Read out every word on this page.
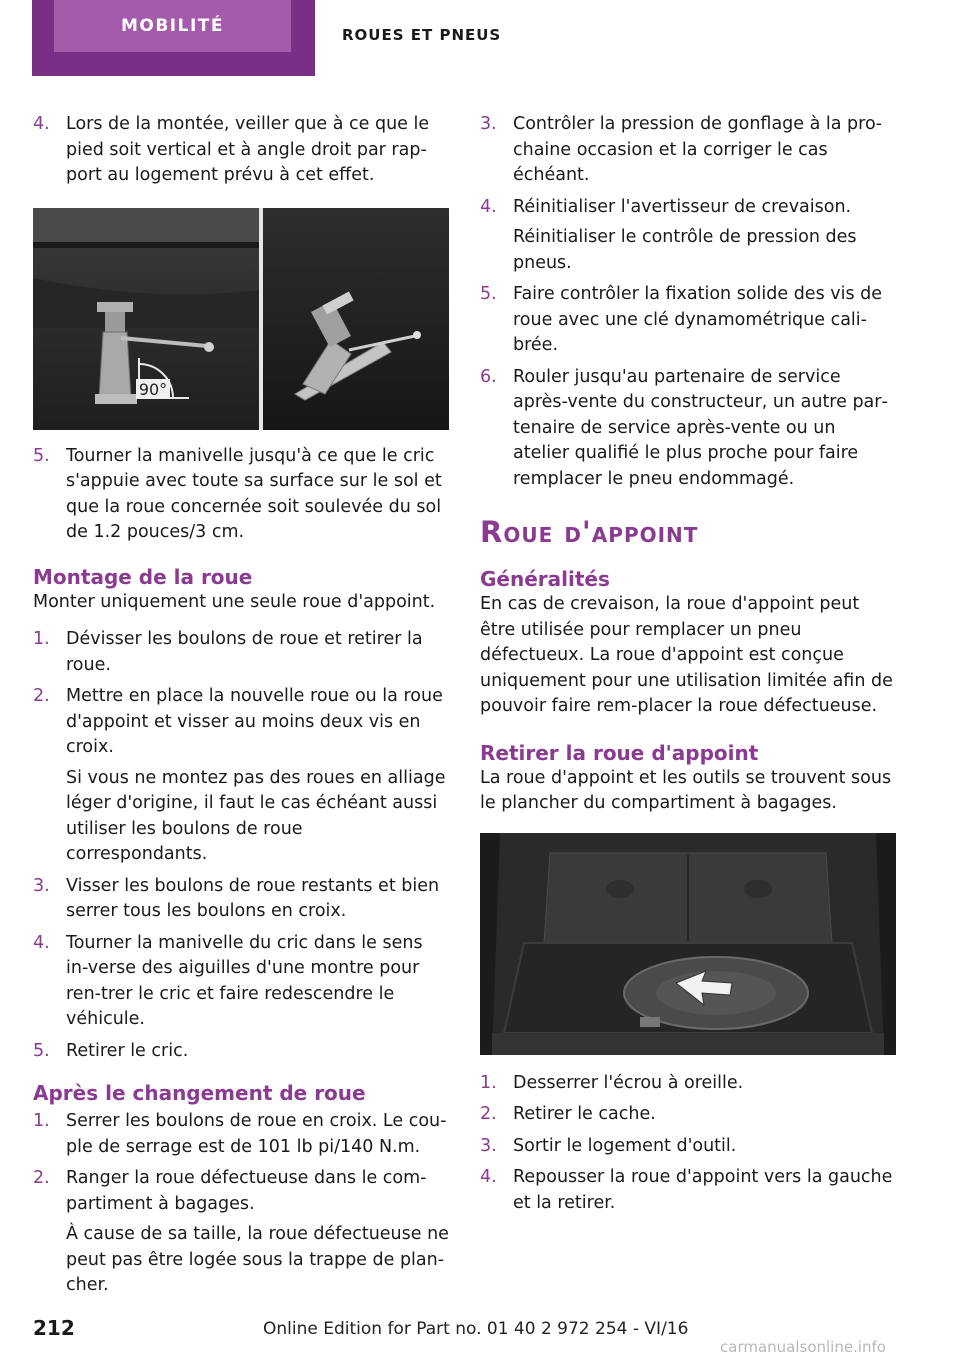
MOBILITÉ	ROUES ET PNEUS
4. Lors de la montée, veiller que à ce que le pied soit vertical et à angle droit par rap‐port au logement prévu à cet effet.
90°
5. Tourner la manivelle jusqu'à ce que le cric s'appuie avec toute sa surface sur le sol et que la roue concernée soit soulevée du sol de 1.2 pouces/3 cm.
Montage de la roue
Monter uniquement une seule roue d'appoint.
1. Dévisser les boulons de roue et retirer la roue.
2. Mettre en place la nouvelle roue ou la roue d'appoint et visser au moins deux vis en croix.
Si vous ne montez pas des roues en alliage léger d'origine, il faut le cas échéant aussi utiliser les boulons de roue correspondants.
3. Visser les boulons de roue restants et bien serrer tous les boulons en croix.
4. Tourner la manivelle du cric dans le sens in‐verse des aiguilles d'une montre pour ren‐trer le cric et faire redescendre le véhicule.
5. Retirer le cric.
Après le changement de roue
1. Serrer les boulons de roue en croix. Le cou‐ple de serrage est de 101 lb pi/140 N.m.
2. Ranger la roue défectueuse dans le com‐partiment à bagages.
À cause de sa taille, la roue défectueuse ne peut pas être logée sous la trappe de plan‐cher.
3. Contrôler la pression de gonflage à la pro‐chaine occasion et la corriger le cas échéant.
4. Réinitialiser l'avertisseur de crevaison.
Réinitialiser le contrôle de pression des pneus.
5. Faire contrôler la fixation solide des vis de roue avec une clé dynamométrique cali‐brée.
6. Rouler jusqu'au partenaire de service après-vente du constructeur, un autre par‐tenaire de service après-vente ou un atelier qualifié le plus proche pour faire remplacer le pneu endommagé.
Roue d'appoint
Généralités
En cas de crevaison, la roue d'appoint peut être utilisée pour remplacer un pneu défectueux. La roue d'appoint est conçue uniquement pour une utilisation limitée afin de pouvoir faire rem‐placer la roue défectueuse.
Retirer la roue d'appoint
La roue d'appoint et les outils se trouvent sous le plancher du compartiment à bagages.
1. Desserrer l'écrou à oreille.
2. Retirer le cache.
3. Sortir le logement d'outil.
4. Repousser la roue d'appoint vers la gauche et la retirer.
212	Online Edition for Part no. 01 40 2 972 254 - VI/16
carmanualsonline.info
